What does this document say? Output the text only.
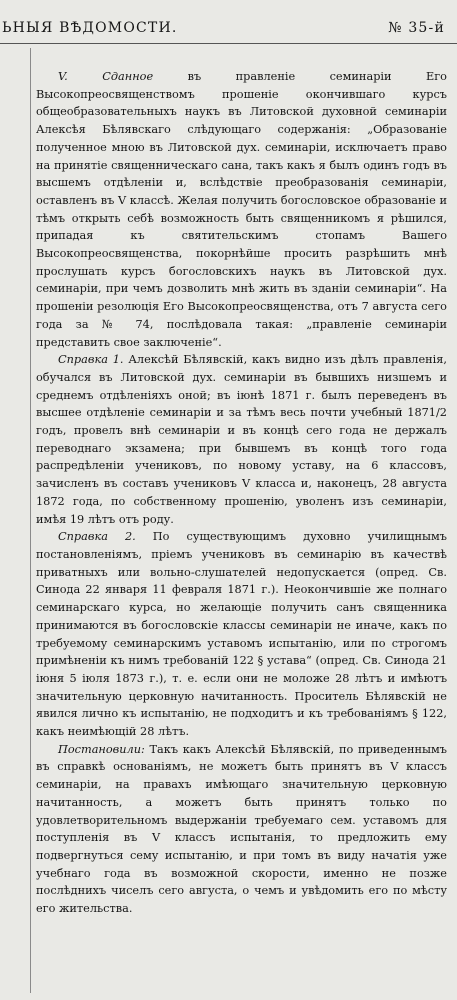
ЬНЫЯ ВѢДОМОСТИ.	№ 35-й

V. Сданное въ правленіе семинаріи Его Высокопреосвященствомъ прошеніе окончившаго курсъ общеобразовательныхъ наукъ въ Литовской духовной семинаріи Алексѣя Бѣлявскаго слѣдующаго содержанія: „Образованіе полученное мною въ Литовской дух. семинаріи, исключаетъ право на принятіе священническаго сана, такъ какъ я былъ одинъ годъ въ высшемъ отдѣленіи и, вслѣдствіе преобразованія семинаріи, оставленъ въ V классѣ. Желая получить богословское образованіе и тѣмъ открыть себѣ возможность быть священникомъ я рѣшился, припадая къ святительскимъ стопамъ Вашего Высокопреосвященства, покорнѣйше просить разрѣшить мнѣ прослушать курсъ богословскихъ наукъ въ Литовской дух. семинаріи, при чемъ дозволить мнѣ жить въ зданіи семинаріи“. На прошеніи резолюція Его Высокопреосвященства, отъ 7 августа сего года за № 74, послѣдовала такая: „правленіе семинаріи представить свое заключеніе“.

Справка 1. Алексѣй Бѣлявскій, какъ видно изъ дѣлъ правленія, обучался въ Литовской дух. семинаріи въ бывшихъ низшемъ и среднемъ отдѣленіяхъ оной; въ іюнѣ 1871 г. былъ переведенъ въ высшее отдѣленіе семинаріи и за тѣмъ весь почти учебный 1871/2 годъ, провелъ внѣ семинаріи и въ концѣ сего года не держалъ переводнаго экзамена; при бывшемъ въ концѣ того года распредѣленіи учениковъ, по новому уставу, на 6 классовъ, зачисленъ въ составъ учениковъ V класса и, наконецъ, 28 августа 1872 года, по собственному прошенію, уволенъ изъ семинаріи, имѣя 19 лѣтъ отъ роду.

Справка 2. По существующимъ духовно училищнымъ постановленіямъ, пріемъ учениковъ въ семинарію въ качествѣ приватныхъ или вольно-слушателей недопускается (опред. Св. Синода 22 января 11 февраля 1871 г.). Неокончившіе же полнаго семинарскаго курса, но желающіе получить санъ священника принимаются въ богословскіе классы семинаріи не иначе, какъ по требуемому семинарскимъ уставомъ испытанію, или по строгомъ примѣненіи къ нимъ требованій 122 § устава“ (опред. Св. Синода 21 іюня 5 іюля 1873 г.), т. е. если они не моложе 28 лѣтъ и имѣютъ значительную церковную начитанность. Проситель Бѣлявскій не явился лично къ испытанію, не подходитъ и къ требованіямъ § 122, какъ неимѣющій 28 лѣтъ.

Постановили: Такъ какъ Алексѣй Бѣлявскій, по приведеннымъ въ справкѣ основаніямъ, не можетъ быть принятъ въ V классъ семинаріи, на правахъ имѣющаго значительную церковную начитанность, а можетъ быть принятъ только по удовлетворительномъ выдержаніи требуемаго сем. уставомъ для поступленія въ V классъ испытанія, то предложить ему подвергнуться сему испытанію, и при томъ въ виду начатія уже учебнаго года въ возможной скорости, именно не позже послѣднихъ чиселъ сего августа, о чемъ и увѣдомить его по мѣсту его жительства.
